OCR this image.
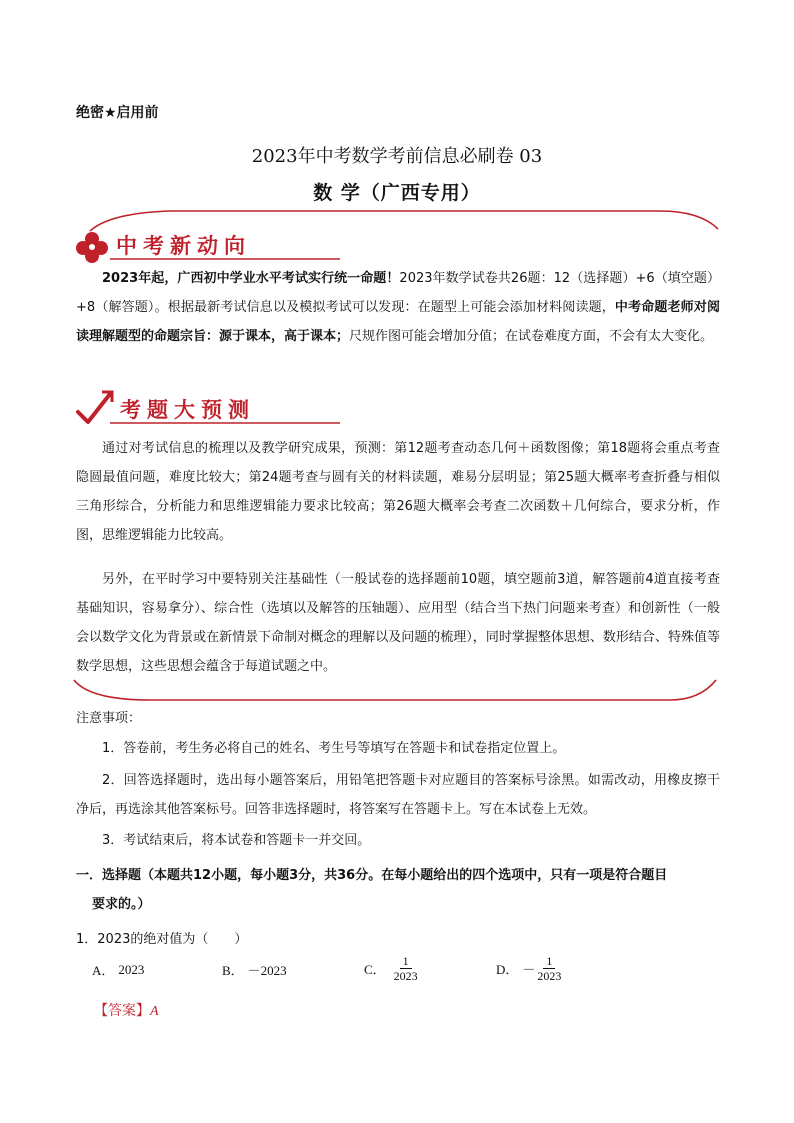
绝密★启用前
2023年中考数学考前信息必刷卷 03
数 学（广西专用）
中考新动向

2023年起，广西初中学业水平考试实行统一命题！2023年数学试卷共26题：12（选择题）+6（填空题）+8（解答题）。根据最新考试信息以及模拟考试可以发现：在题型上可能会添加材料阅读题，中考命题老师对阅读理解题型的命题宗旨：源于课本，高于课本；尺规作图可能会增加分值；在试卷难度方面，不会有太大变化。

考题大预测

通过对考试信息的梳理以及教学研究成果，预测：第12题考查动态几何＋函数图像；第18题将会重点考查隐圆最值问题，难度比较大；第24题考查与圆有关的材料读题，难易分层明显；第25题大概率考查折叠与相似三角形综合，分析能力和思维逻辑能力要求比较高；第26题大概率会考查二次函数＋几何综合，要求分析，作图，思维逻辑能力比较高。

另外，在平时学习中要特别关注基础性（一般试卷的选择题前10题，填空题前3道，解答题前4道直接考查基础知识，容易拿分）、综合性（选填以及解答的压轴题）、应用型（结合当下热门问题来考查）和创新性（一般会以数学文化为背景或在新情景下命制对概念的理解以及问题的梳理），同时掌握整体思想、数形结合、特殊值等数学思想，这些思想会蕴含于每道试题之中。

注意事项：

1．答卷前，考生务必将自己的姓名、考生号等填写在答题卡和试卷指定位置上。

2．回答选择题时，选出每小题答案后，用铅笔把答题卡对应题目的答案标号涂黑。如需改动，用橡皮擦干净后，再选涂其他答案标号。回答非选择题时，将答案写在答题卡上。写在本试卷上无效。

3．考试结束后，将本试卷和答题卡一并交回。

一．选择题（本题共12小题，每小题3分，共36分。在每小题给出的四个选项中，只有一项是符合题目
要求的。）
1．2023的绝对值为（　　）
A． 2023	B． －2023	C． $\frac{1}{2023}$	D． － $\frac{1}{2023}$
【答案】A
